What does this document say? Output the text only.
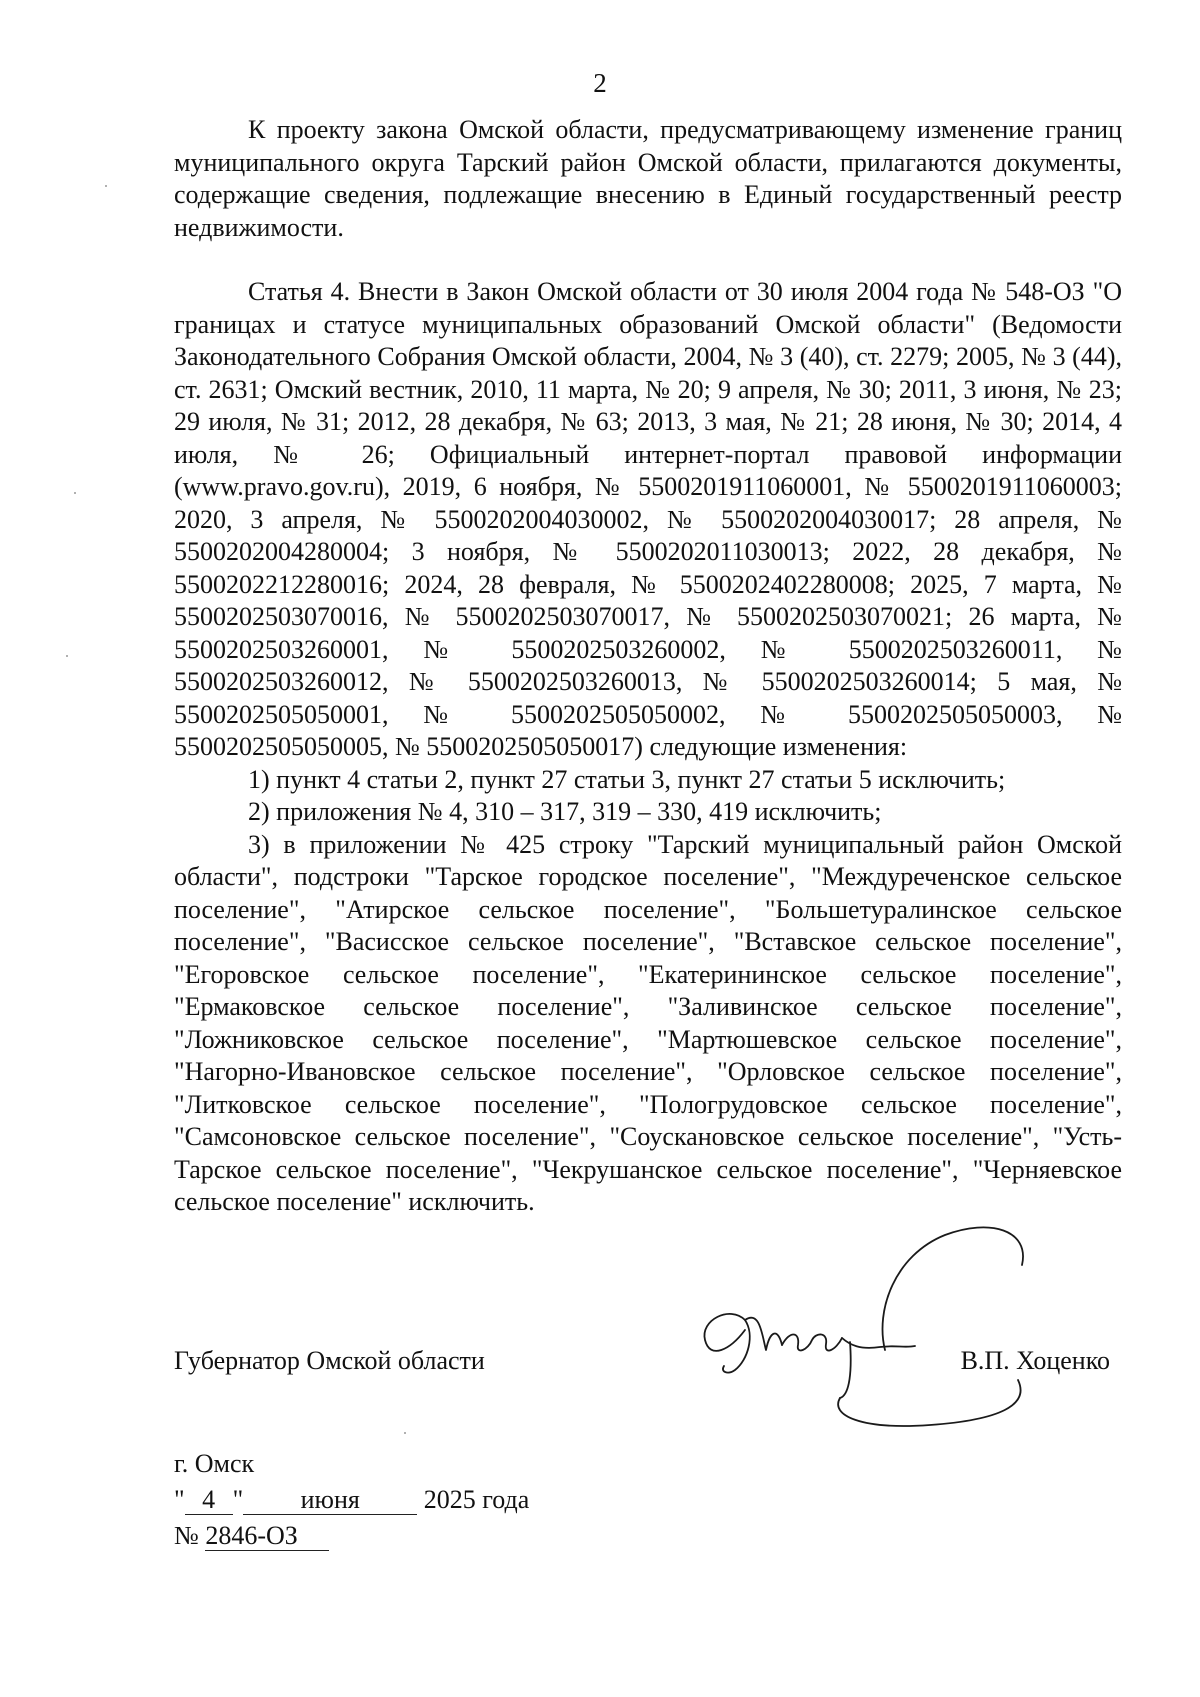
2

К проекту закона Омской области, предусматривающему изменение границ муниципального округа Тарский район Омской области, прилагаются документы, содержащие сведения, подлежащие внесению в Единый государственный реестр недвижимости.

Статья 4. Внести в Закон Омской области от 30 июля 2004 года № 548-ОЗ "О границах и статусе муниципальных образований Омской области" (Ведомости Законодательного Собрания Омской области, 2004, № 3 (40), ст. 2279; 2005, № 3 (44), ст. 2631; Омский вестник, 2010, 11 марта, № 20; 9 апреля, № 30; 2011, 3 июня, № 23; 29 июля, № 31; 2012, 28 декабря, № 63; 2013, 3 мая, № 21; 28 июня, № 30; 2014, 4 июля, № 26; Официальный интернет-портал правовой информации (www.pravo.gov.ru), 2019, 6 ноября, № 5500201911060001, № 5500201911060003; 2020, 3 апреля, № 5500202004030002, № 5500202004030017; 28 апреля, № 5500202004280004; 3 ноября, № 5500202011030013; 2022, 28 декабря, № 5500202212280016; 2024, 28 февраля, № 5500202402280008; 2025, 7 марта, № 5500202503070016, № 5500202503070017, № 5500202503070021; 26 марта, № 5500202503260001, № 5500202503260002, № 5500202503260011, № 5500202503260012, № 5500202503260013, № 5500202503260014; 5 мая, № 5500202505050001, № 5500202505050002, № 5500202505050003, № 5500202505050005, № 5500202505050017) следующие изменения:

1) пункт 4 статьи 2, пункт 27 статьи 3, пункт 27 статьи 5 исключить;

2) приложения № 4, 310 – 317, 319 – 330, 419 исключить;

3) в приложении № 425 строку "Тарский муниципальный район Омской области", подстроки "Тарское городское поселение", "Междуреченское сельское поселение", "Атирское сельское поселение", "Большетуралинское сельское поселение", "Васисское сельское поселение", "Вставское сельское поселение", "Егоровское сельское поселение", "Екатерининское сельское поселение", "Ермаковское сельское поселение", "Заливинское сельское поселение", "Ложниковское сельское поселение", "Мартюшевское сельское поселение", "Нагорно-Ивановское сельское поселение", "Орловское сельское поселение", "Литковское сельское поселение", "Пологрудовское сельское поселение", "Самсоновское сельское поселение", "Соускановское сельское поселение", "Усть-Тарское сельское поселение", "Чекрушанское сельское поселение", "Черняевское сельское поселение" исключить.

Губернатор Омской области	В.П. Хоценко
г. Омск
" 4 " июня 2025 года
№ 2846-ОЗ
